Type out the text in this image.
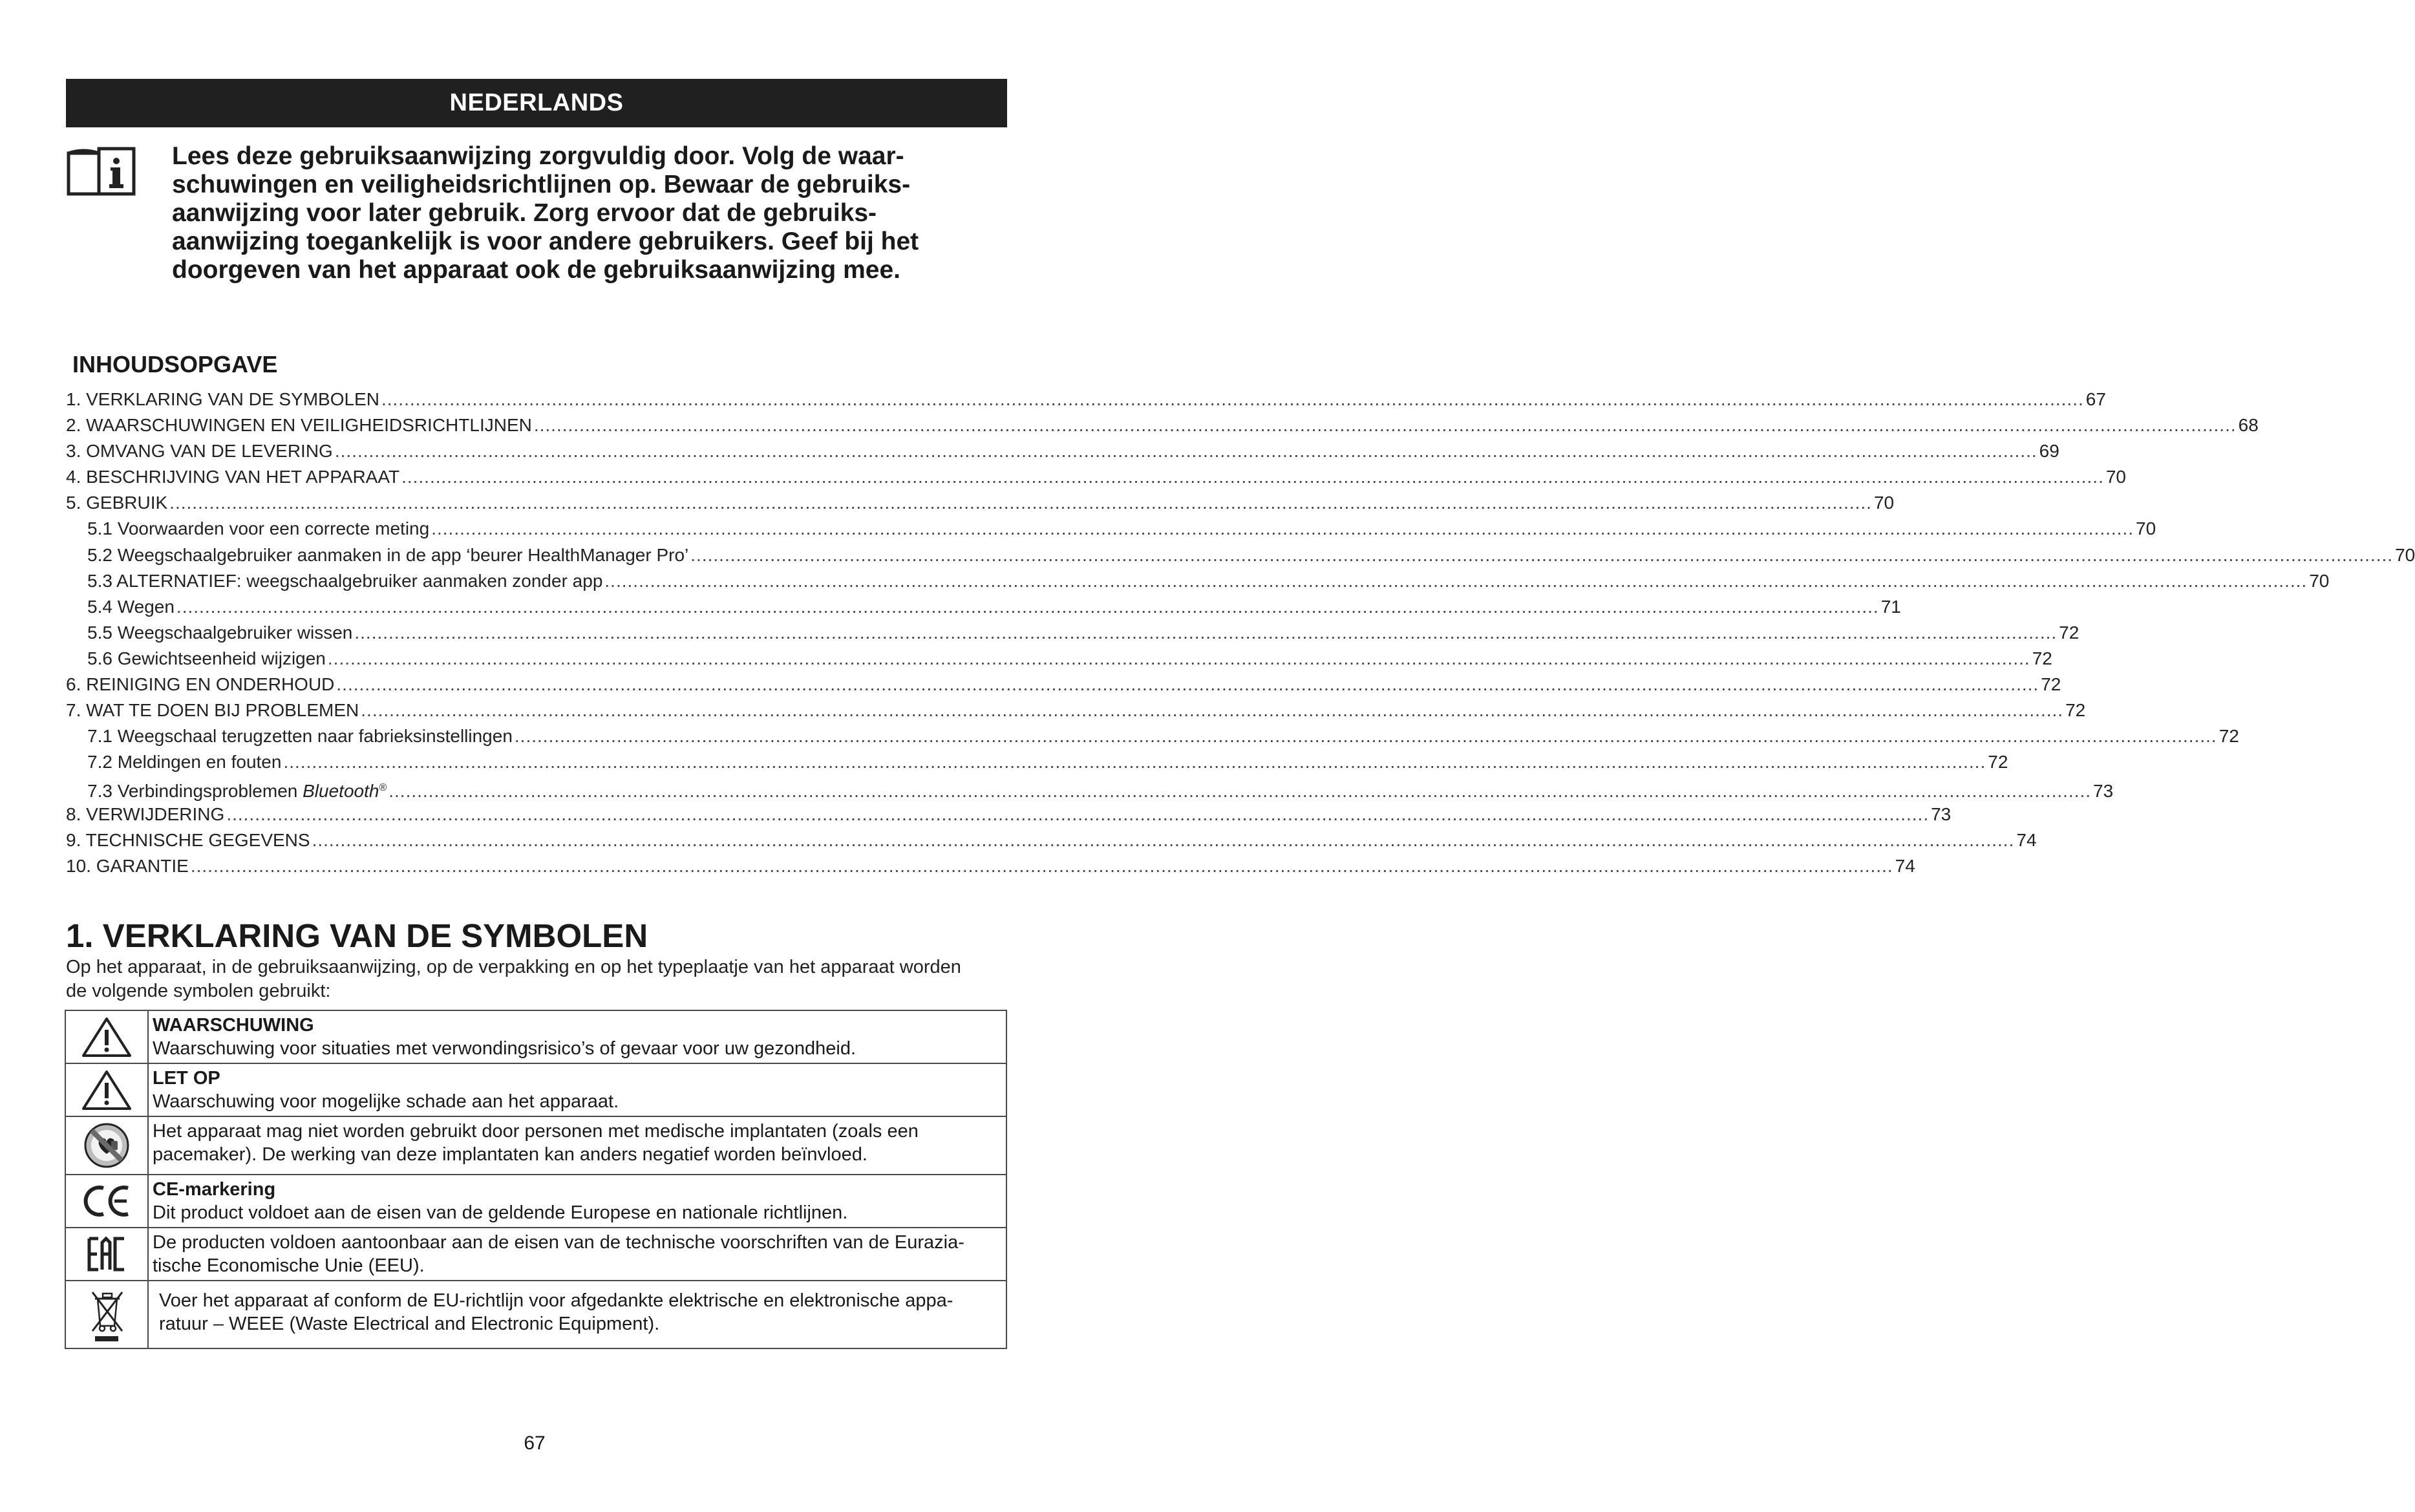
NEDERLANDS

Lees deze gebruiksaanwijzing zorgvuldig door. Volg de waar-

schuwingen en veiligheidsrichtlijnen op. Bewaar de gebruiks-

aanwijzing voor later gebruik. Zorg ervoor dat de gebruiks-

aanwijzing toegankelijk is voor andere gebruikers. Geef bij het

doorgeven van het apparaat ook de gebruiksaanwijzing mee.

INHOUDSOPGAVE
1. VERKLARING VAN DE SYMBOLEN ............................................................................................................................................................................................................................................................................................................ 67
2. WAARSCHUWINGEN EN VEILIGHEIDSRICHTLIJNEN ............................................................................................................................................................................................................................................................................................................ 68
3. OMVANG VAN DE LEVERING ............................................................................................................................................................................................................................................................................................................ 69
4. BESCHRIJVING VAN HET APPARAAT ............................................................................................................................................................................................................................................................................................................ 70
5. GEBRUIK ............................................................................................................................................................................................................................................................................................................ 70
5.1 Voorwaarden voor een correcte meting ............................................................................................................................................................................................................................................................................................................ 70
5.2 Weegschaalgebruiker aanmaken in de app ‘beurer HealthManager Pro’ ............................................................................................................................................................................................................................................................................................................ 70
5.3 ALTERNATIEF: weegschaalgebruiker aanmaken zonder app ............................................................................................................................................................................................................................................................................................................ 70
5.4 Wegen ............................................................................................................................................................................................................................................................................................................ 71
5.5 Weegschaalgebruiker wissen ............................................................................................................................................................................................................................................................................................................ 72
5.6 Gewichtseenheid wijzigen ............................................................................................................................................................................................................................................................................................................ 72
6. REINIGING EN ONDERHOUD ............................................................................................................................................................................................................................................................................................................ 72
7. WAT TE DOEN BIJ PROBLEMEN ............................................................................................................................................................................................................................................................................................................ 72
7.1 Weegschaal terugzetten naar fabrieksinstellingen ............................................................................................................................................................................................................................................................................................................ 72
7.2 Meldingen en fouten ............................................................................................................................................................................................................................................................................................................ 72
7.3 Verbindingsproblemen Bluetooth® ............................................................................................................................................................................................................................................................................................................ 73
8. VERWIJDERING ............................................................................................................................................................................................................................................................................................................ 73
9. TECHNISCHE GEGEVENS ............................................................................................................................................................................................................................................................................................................ 74
10. GARANTIE ............................................................................................................................................................................................................................................................................................................ 74
1. VERKLARING VAN DE SYMBOLEN

Op het apparaat, in de gebruiksaanwijzing, op de verpakking en op het typeplaatje van het apparaat worden

de volgende symbolen gebruikt:

WAARSCHUWING
Waarschuwing voor situaties met verwondingsrisico’s of gevaar voor uw gezondheid.

LET OP
Waarschuwing voor mogelijke schade aan het apparaat.

Het apparaat mag niet worden gebruikt door personen met medische implantaten (zoals een
pacemaker). De werking van deze implantaten kan anders negatief worden beïnvloed.

CE-markering
Dit product voldoet aan de eisen van de geldende Europese en nationale richtlijnen.

De producten voldoen aantoonbaar aan de eisen van de technische voorschriften van de Eurazia-
tische Economische Unie (EEU).

Voer het apparaat af conform de EU-richtlijn voor afgedankte elektrische en elektronische appa-
ratuur – WEEE (Waste Electrical and Electronic Equipment).
67
